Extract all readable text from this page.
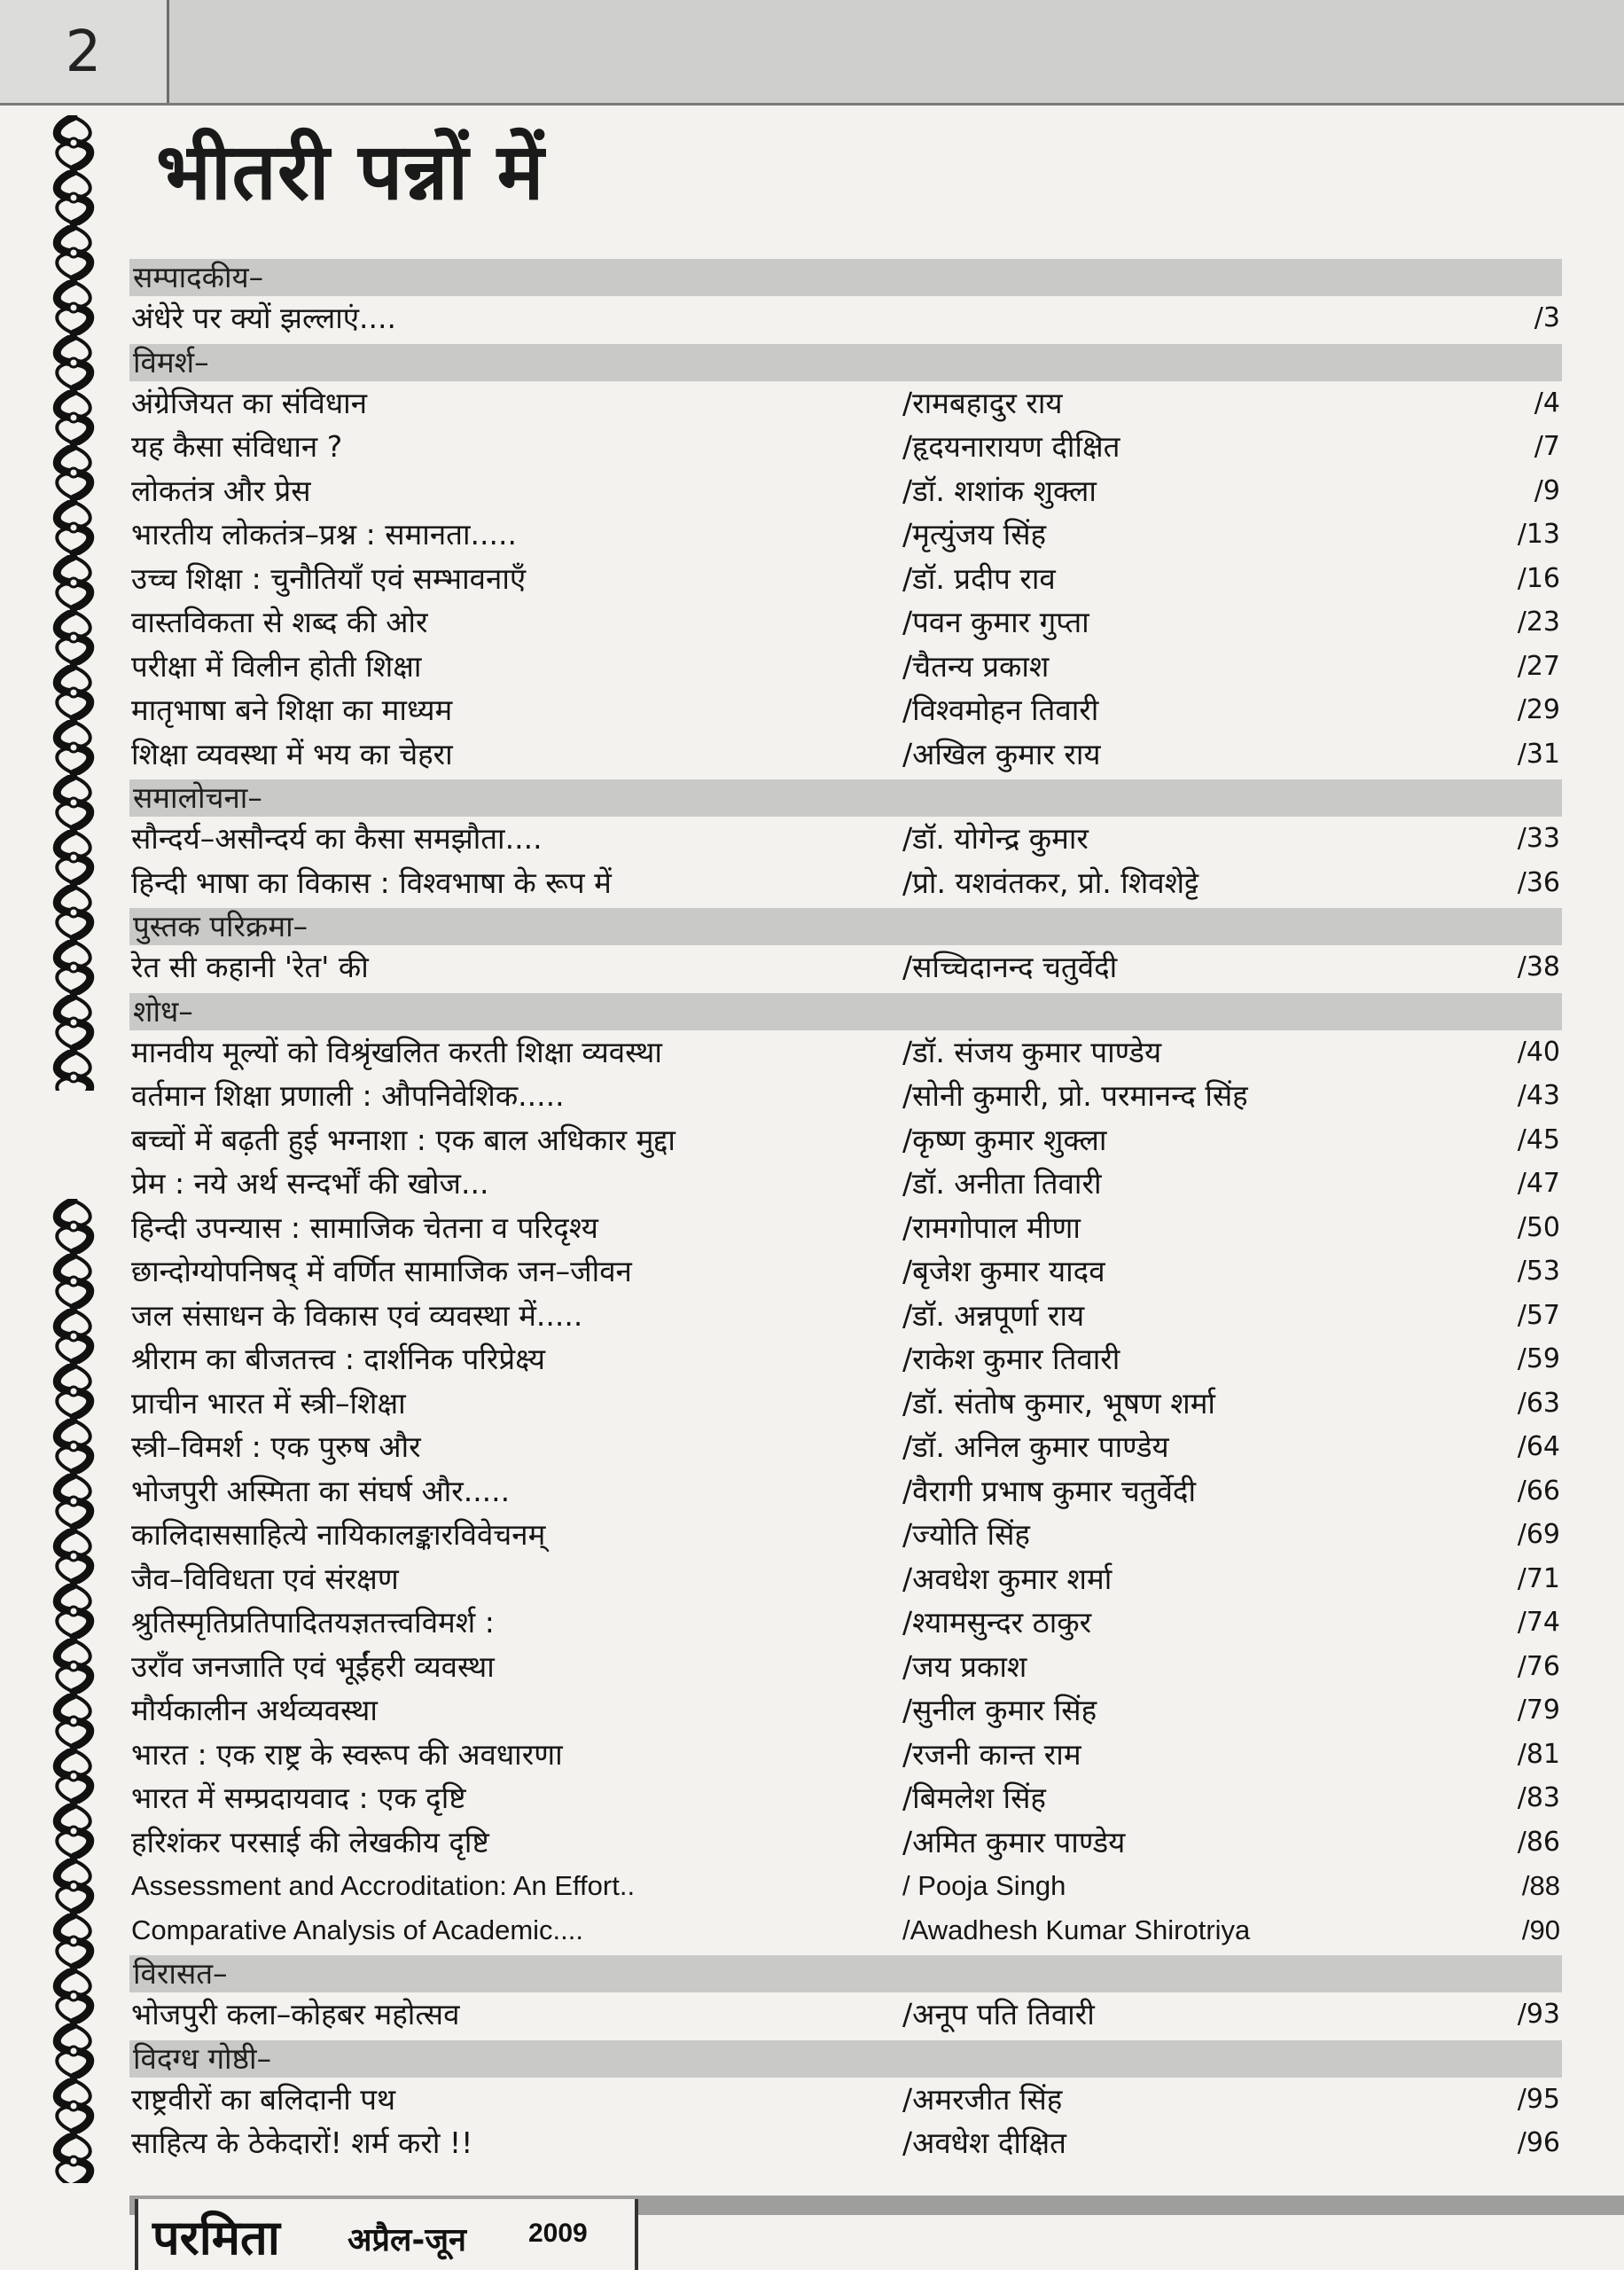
2
भीतरी पन्नों में
सम्पादकीय–
अंधेरे पर क्यों झल्लाएं....	/3
विमर्श–
अंग्रेजियत का संविधान	/रामबहादुर राय	/4
यह कैसा संविधान ?	/हृदयनारायण दीक्षित	/7
लोकतंत्र और प्रेस	/डॉ. शशांक शुक्ला	/9
भारतीय लोकतंत्र–प्रश्न : समानता.....	/मृत्युंजय सिंह	/13
उच्च शिक्षा : चुनौतियाँ एवं सम्भावनाएँ	/डॉ. प्रदीप राव	/16
वास्तविकता से शब्द की ओर	/पवन कुमार गुप्ता	/23
परीक्षा में विलीन होती शिक्षा	/चैतन्य प्रकाश	/27
मातृभाषा बने शिक्षा का माध्यम	/विश्वमोहन तिवारी	/29
शिक्षा व्यवस्था में भय का चेहरा	/अखिल कुमार राय	/31
समालोचना–
सौन्दर्य–असौन्दर्य का कैसा समझौता....	/डॉ. योगेन्द्र कुमार	/33
हिन्दी भाषा का विकास : विश्वभाषा के रूप में	/प्रो. यशवंतकर, प्रो. शिवशेट्टे	/36
पुस्तक परिक्रमा–
रेत सी कहानी 'रेत' की	/सच्चिदानन्द चतुर्वेदी	/38
शोध–
मानवीय मूल्यों को विश्रृंखलित करती शिक्षा व्यवस्था	/डॉ. संजय कुमार पाण्डेय	/40
वर्तमान शिक्षा प्रणाली : औपनिवेशिक.....	/सोनी कुमारी, प्रो. परमानन्द सिंह	/43
बच्चों में बढ़ती हुई भग्नाशा : एक बाल अधिकार मुद्दा	/कृष्ण कुमार शुक्ला	/45
प्रेम : नये अर्थ सन्दर्भों की खोज...	/डॉ. अनीता तिवारी	/47
हिन्दी उपन्यास : सामाजिक चेतना व परिदृश्य	/रामगोपाल मीणा	/50
छान्दोग्योपनिषद् में वर्णित सामाजिक जन–जीवन	/बृजेश कुमार यादव	/53
जल संसाधन के विकास एवं व्यवस्था में.....	/डॉ. अन्नपूर्णा राय	/57
श्रीराम का बीजतत्त्व : दार्शनिक परिप्रेक्ष्य	/राकेश कुमार तिवारी	/59
प्राचीन भारत में स्त्री–शिक्षा	/डॉ. संतोष कुमार, भूषण शर्मा	/63
स्त्री–विमर्श : एक पुरुष और	/डॉ. अनिल कुमार पाण्डेय	/64
भोजपुरी अस्मिता का संघर्ष और.....	/वैरागी प्रभाष कुमार चतुर्वेदी	/66
कालिदाससाहित्ये नायिकालङ्कारविवेचनम्	/ज्योति सिंह	/69
जैव–विविधता एवं संरक्षण	/अवधेश कुमार शर्मा	/71
श्रुतिस्मृतिप्रतिपादितयज्ञतत्त्वविमर्श :	/श्यामसुन्दर ठाकुर	/74
उराँव जनजाति एवं भूईंहरी व्यवस्था	/जय प्रकाश	/76
मौर्यकालीन अर्थव्यवस्था	/सुनील कुमार सिंह	/79
भारत : एक राष्ट्र के स्वरूप की अवधारणा	/रजनी कान्त राम	/81
भारत में सम्प्रदायवाद : एक दृष्टि	/बिमलेश सिंह	/83
हरिशंकर परसाई की लेखकीय दृष्टि	/अमित कुमार पाण्डेय	/86
Assessment and Accroditation: An Effort..	/ Pooja Singh	/88
Comparative Analysis of Academic....	/Awadhesh Kumar Shirotriya	/90
विरासत–
भोजपुरी कला–कोहबर महोत्सव	/अनूप पति तिवारी	/93
विदग्ध गोष्ठी–
राष्ट्रवीरों का बलिदानी पथ	/अमरजीत सिंह	/95
साहित्य के ठेकेदारों! शर्म करो !!	/अवधेश दीक्षित	/96
परमिता अप्रैल-जून 2009
